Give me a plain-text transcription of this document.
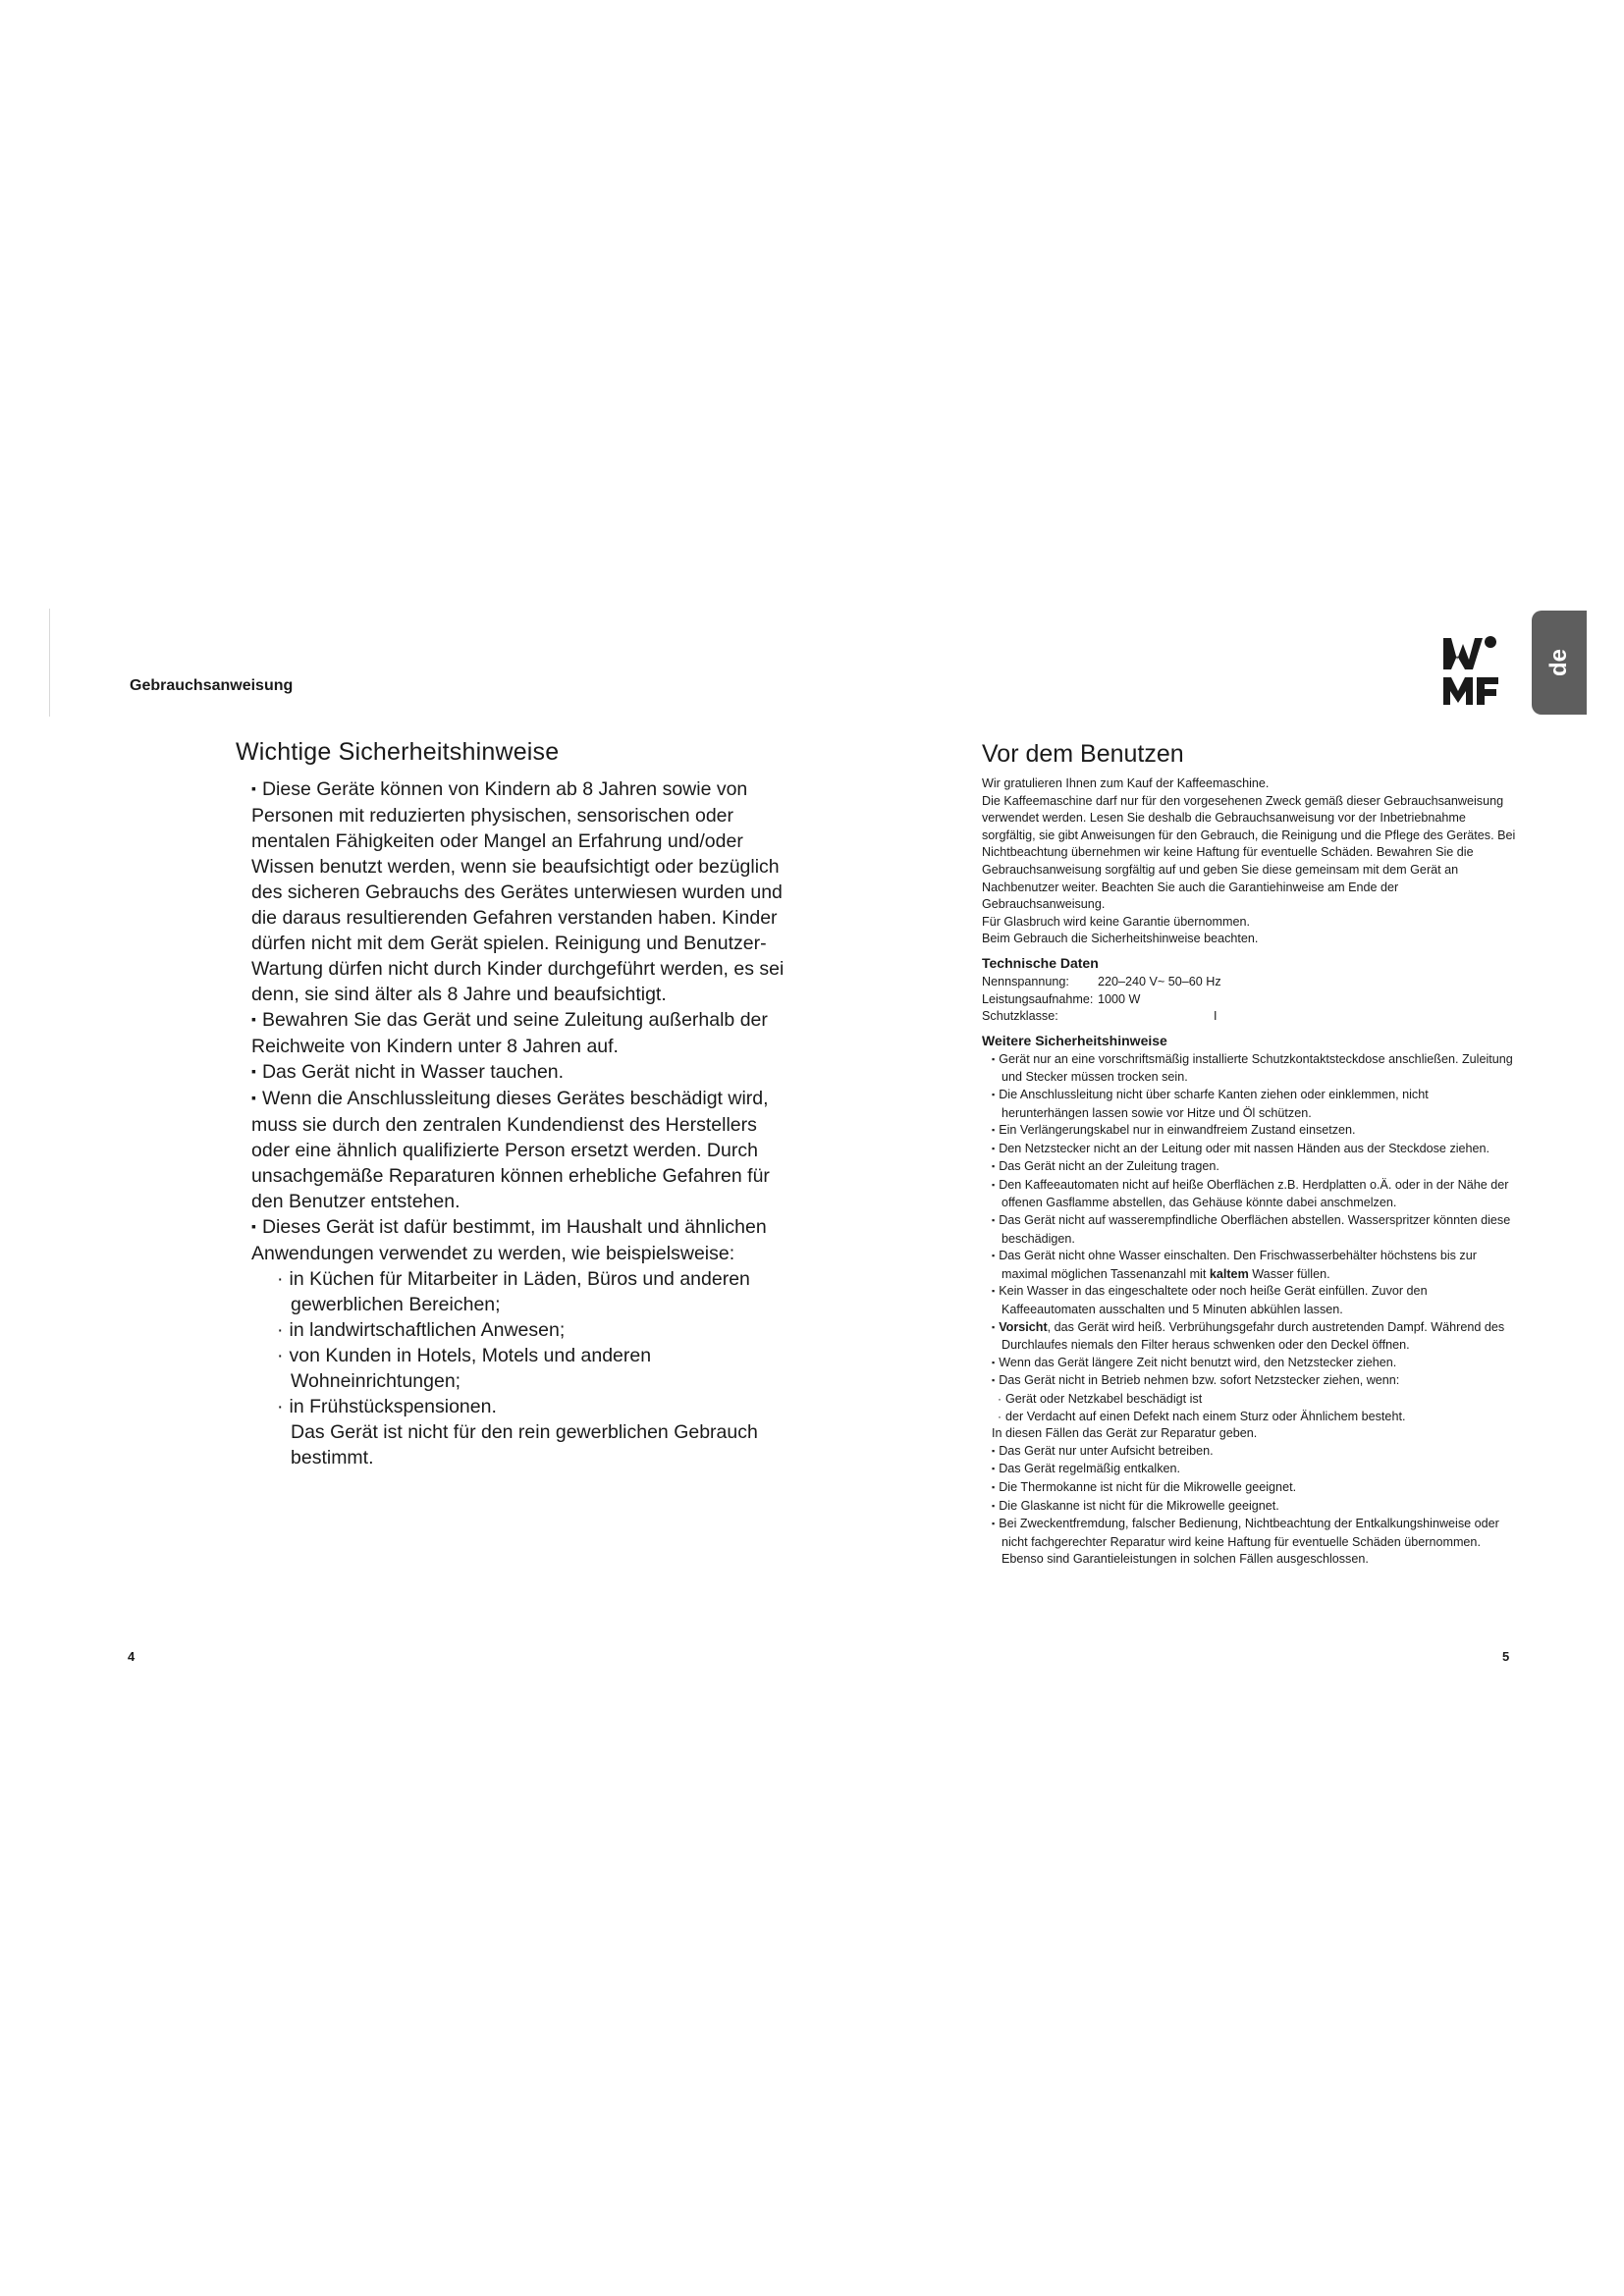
Gebrauchsanweisung
de
Wichtige Sicherheitshinweise

▪ Diese Geräte können von Kindern ab 8 Jahren sowie von Personen mit reduzierten physischen, sensorischen oder mentalen Fähigkeiten oder Mangel an Erfahrung und/oder Wissen benutzt werden, wenn sie beaufsichtigt oder bezüglich des sicheren Gebrauchs des Gerätes unterwiesen wurden und die daraus resultierenden Gefahren verstanden haben. Kinder dürfen nicht mit dem Gerät spielen. Reinigung und Benutzer-Wartung dürfen nicht durch Kinder durchgeführt werden, es sei denn, sie sind älter als 8 Jahre und beaufsichtigt.

▪ Bewahren Sie das Gerät und seine Zuleitung außerhalb der Reichweite von Kindern unter 8 Jahren auf.

▪ Das Gerät nicht in Wasser tauchen.

▪ Wenn die Anschlussleitung dieses Gerätes beschädigt wird, muss sie durch den zentralen Kundendienst des Herstellers oder eine ähnlich qualifizierte Person ersetzt werden. Durch unsachgemäße Reparaturen können erhebliche Gefahren für den Benutzer entstehen.

▪ Dieses Gerät ist dafür bestimmt, im Haushalt und ähnlichen Anwendungen verwendet zu werden, wie beispielsweise:

· in Küchen für Mitarbeiter in Läden, Büros und anderen gewerblichen Bereichen;
· in landwirtschaftlichen Anwesen;
· von Kunden in Hotels, Motels und anderen Wohneinrichtungen;
· in Frühstückspensionen.

Das Gerät ist nicht für den rein gewerblichen Gebrauch bestimmt.

4
Vor dem Benutzen

Wir gratulieren Ihnen zum Kauf der Kaffeemaschine.

Die Kaffeemaschine darf nur für den vorgesehenen Zweck gemäß dieser Gebrauchsanweisung verwendet werden. Lesen Sie deshalb die Gebrauchsanweisung vor der Inbetriebnahme sorgfältig, sie gibt Anweisungen für den Gebrauch, die Reinigung und die Pflege des Gerätes. Bei Nichtbeachtung übernehmen wir keine Haftung für eventuelle Schäden. Bewahren Sie die Gebrauchsanweisung sorgfältig auf und geben Sie diese gemeinsam mit dem Gerät an Nachbenutzer weiter. Beachten Sie auch die Garantiehinweise am Ende der Gebrauchsanweisung.

Für Glasbruch wird keine Garantie übernommen.

Beim Gebrauch die Sicherheitshinweise beachten.

Technische Daten
Nennspannung:	220–240 V~ 50–60 Hz
Leistungsaufnahme: 1000 W
Schutzklasse:	I
Weitere Sicherheitshinweise
▪ Gerät nur an eine vorschriftsmäßig installierte Schutzkontaktsteckdose anschließen. Zuleitung und Stecker müssen trocken sein.
▪ Die Anschlussleitung nicht über scharfe Kanten ziehen oder einklemmen, nicht herunterhängen lassen sowie vor Hitze und Öl schützen.
▪ Ein Verlängerungskabel nur in einwandfreiem Zustand einsetzen.
▪ Den Netzstecker nicht an der Leitung oder mit nassen Händen aus der Steckdose ziehen.
▪ Das Gerät nicht an der Zuleitung tragen.
▪ Den Kaffeeautomaten nicht auf heiße Oberflächen z.B. Herdplatten o.Ä. oder in der Nähe der offenen Gasflamme abstellen, das Gehäuse könnte dabei anschmelzen.
▪ Das Gerät nicht auf wasserempfindliche Oberflächen abstellen. Wasserspritzer könnten diese beschädigen.
▪ Das Gerät nicht ohne Wasser einschalten. Den Frischwasserbehälter höchstens bis zur maximal möglichen Tassenanzahl mit kaltem Wasser füllen.
▪ Kein Wasser in das eingeschaltete oder noch heiße Gerät einfüllen. Zuvor den Kaffeeautomaten ausschalten und 5 Minuten abkühlen lassen.
▪ Vorsicht, das Gerät wird heiß. Verbrühungsgefahr durch austretenden Dampf. Während des Durchlaufes niemals den Filter heraus schwenken oder den Deckel öffnen.
▪ Wenn das Gerät längere Zeit nicht benutzt wird, den Netzstecker ziehen.
▪ Das Gerät nicht in Betrieb nehmen bzw. sofort Netzstecker ziehen, wenn:
· Gerät oder Netzkabel beschädigt ist
· der Verdacht auf einen Defekt nach einem Sturz oder Ähnlichem besteht.

In diesen Fällen das Gerät zur Reparatur geben.

▪ Das Gerät nur unter Aufsicht betreiben.
▪ Das Gerät regelmäßig entkalken.
▪ Die Thermokanne ist nicht für die Mikrowelle geeignet.
▪ Die Glaskanne ist nicht für die Mikrowelle geeignet.
▪ Bei Zweckentfremdung, falscher Bedienung, Nichtbeachtung der Entkalkungshinweise oder nicht fachgerechter Reparatur wird keine Haftung für eventuelle Schäden übernommen. Ebenso sind Garantieleistungen in solchen Fällen ausgeschlossen.
5
